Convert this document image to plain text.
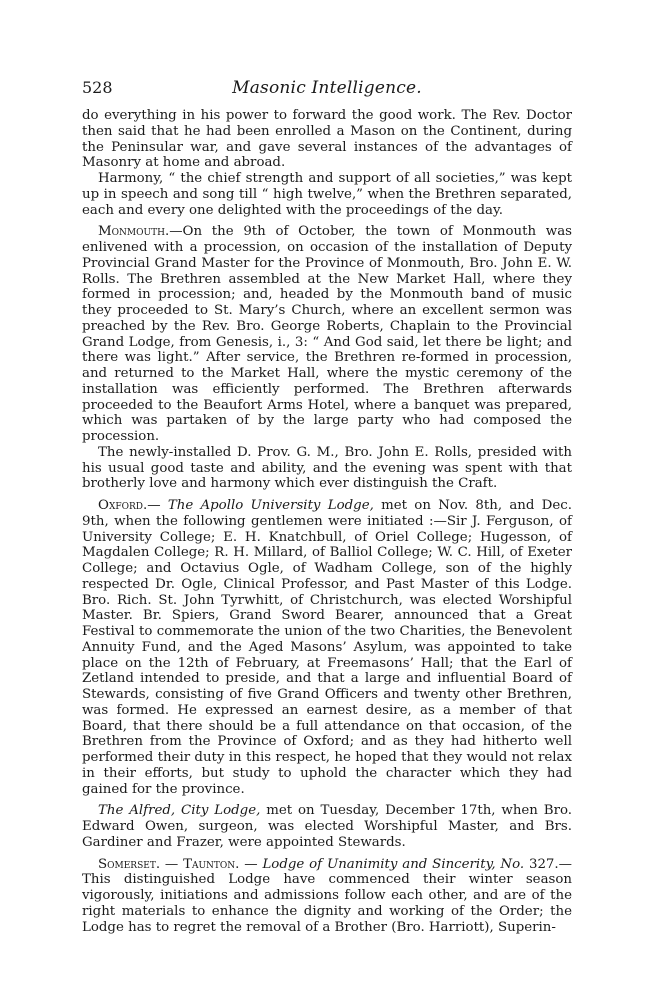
528	Masonic Intelligence.

do everything in his power to forward the good work. The Rev. Doctor then said that he had been enrolled a Mason on the Continent, during the Peninsular war, and gave several instances of the advantages of Masonry at home and abroad.

Harmony, “ the chief strength and support of all societies,” was kept up in speech and song till “ high twelve,” when the Brethren separated, each and every one delighted with the proceedings of the day.

Monmouth.—On the 9th of October, the town of Monmouth was enlivened with a procession, on occasion of the installation of Deputy Provincial Grand Master for the Province of Monmouth, Bro. John E. W. Rolls. The Brethren assembled at the New Market Hall, where they formed in procession; and, headed by the Monmouth band of music they proceeded to St. Mary’s Church, where an excellent sermon was preached by the Rev. Bro. George Roberts, Chaplain to the Provincial Grand Lodge, from Genesis, i., 3: “ And God said, let there be light; and there was light.” After service, the Brethren re-formed in procession, and returned to the Market Hall, where the mystic ceremony of the installation was efficiently performed. The Brethren afterwards proceeded to the Beaufort Arms Hotel, where a banquet was prepared, which was partaken of by the large party who had composed the procession.

The newly-installed D. Prov. G. M., Bro. John E. Rolls, presided with his usual good taste and ability, and the evening was spent with that brotherly love and harmony which ever distinguish the Craft.

Oxford.— The Apollo University Lodge, met on Nov. 8th, and Dec. 9th, when the following gentlemen were initiated :—Sir J. Ferguson, of University College; E. H. Knatchbull, of Oriel College; Hugesson, of Magdalen College; R. H. Millard, of Balliol College; W. C. Hill, of Exeter College; and Octavius Ogle, of Wadham College, son of the highly respected Dr. Ogle, Clinical Professor, and Past Master of this Lodge. Bro. Rich. St. John Tyrwhitt, of Christchurch, was elected Worshipful Master. Br. Spiers, Grand Sword Bearer, announced that a Great Festival to commemorate the union of the two Charities, the Benevolent Annuity Fund, and the Aged Masons’ Asylum, was appointed to take place on the 12th of February, at Freemasons’ Hall; that the Earl of Zetland intended to preside, and that a large and influential Board of Stewards, consisting of five Grand Officers and twenty other Brethren, was formed. He expressed an earnest desire, as a member of that Board, that there should be a full attendance on that occasion, of the Brethren from the Province of Oxford; and as they had hitherto well performed their duty in this respect, he hoped that they would not relax in their efforts, but study to uphold the character which they had gained for the province.

The Alfred, City Lodge, met on Tuesday, December 17th, when Bro. Edward Owen, surgeon, was elected Worshipful Master, and Brs. Gardiner and Frazer, were appointed Stewards.

Somerset. — Taunton. — Lodge of Unanimity and Sincerity, No. 327.—This distinguished Lodge have commenced their winter season vigorously, initiations and admissions follow each other, and are of the right materials to enhance the dignity and working of the Order; the Lodge has to regret the removal of a Brother (Bro. Harriott), Superin-
